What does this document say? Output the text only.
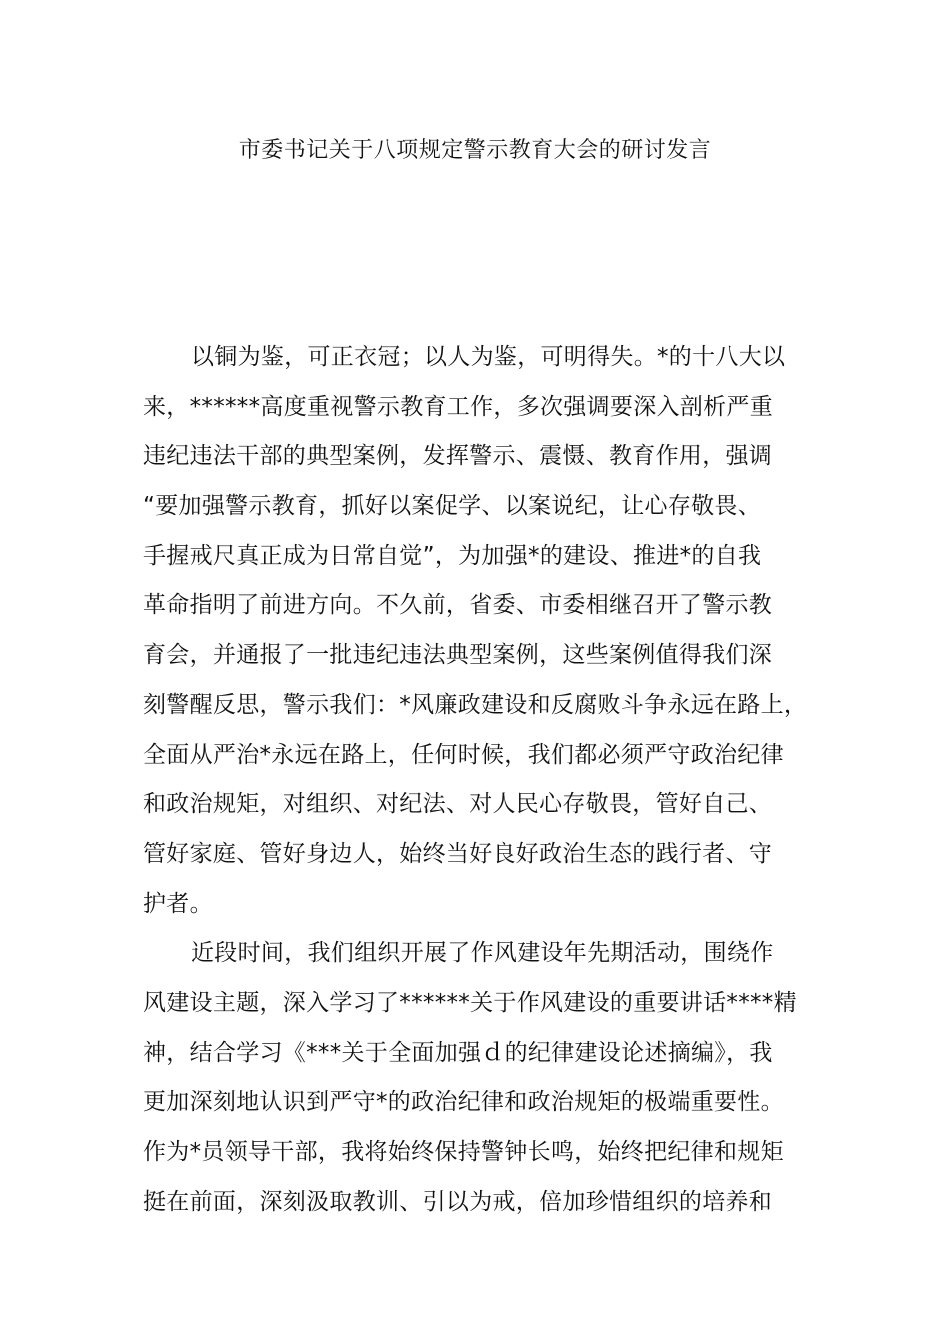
市委书记关于八项规定警示教育大会的研讨发言
以铜为鉴，可正衣冠；以人为鉴，可明得失。*的十八大以
来，******高度重视警示教育工作，多次强调要深入剖析严重
违纪违法干部的典型案例，发挥警示、震慑、教育作用，强调
“要加强警示教育，抓好以案促学、以案说纪，让心存敬畏、
手握戒尺真正成为日常自觉”，为加强*的建设、推进*的自我
革命指明了前进方向。不久前，省委、市委相继召开了警示教
育会，并通报了一批违纪违法典型案例，这些案例值得我们深
刻警醒反思，警示我们：*风廉政建设和反腐败斗争永远在路上，
全面从严治*永远在路上，任何时候，我们都必须严守政治纪律
和政治规矩，对组织、对纪法、对人民心存敬畏，管好自己、
管好家庭、管好身边人，始终当好良好政治生态的践行者、守
护者。
近段时间，我们组织开展了作风建设年先期活动，围绕作
风建设主题，深入学习了******关于作风建设的重要讲话****精
神，结合学习《***关于全面加强ｄ的纪律建设论述摘编》，我
更加深刻地认识到严守*的政治纪律和政治规矩的极端重要性。
作为*员领导干部，我将始终保持警钟长鸣，始终把纪律和规矩
挺在前面，深刻汲取教训、引以为戒，倍加珍惜组织的培养和
